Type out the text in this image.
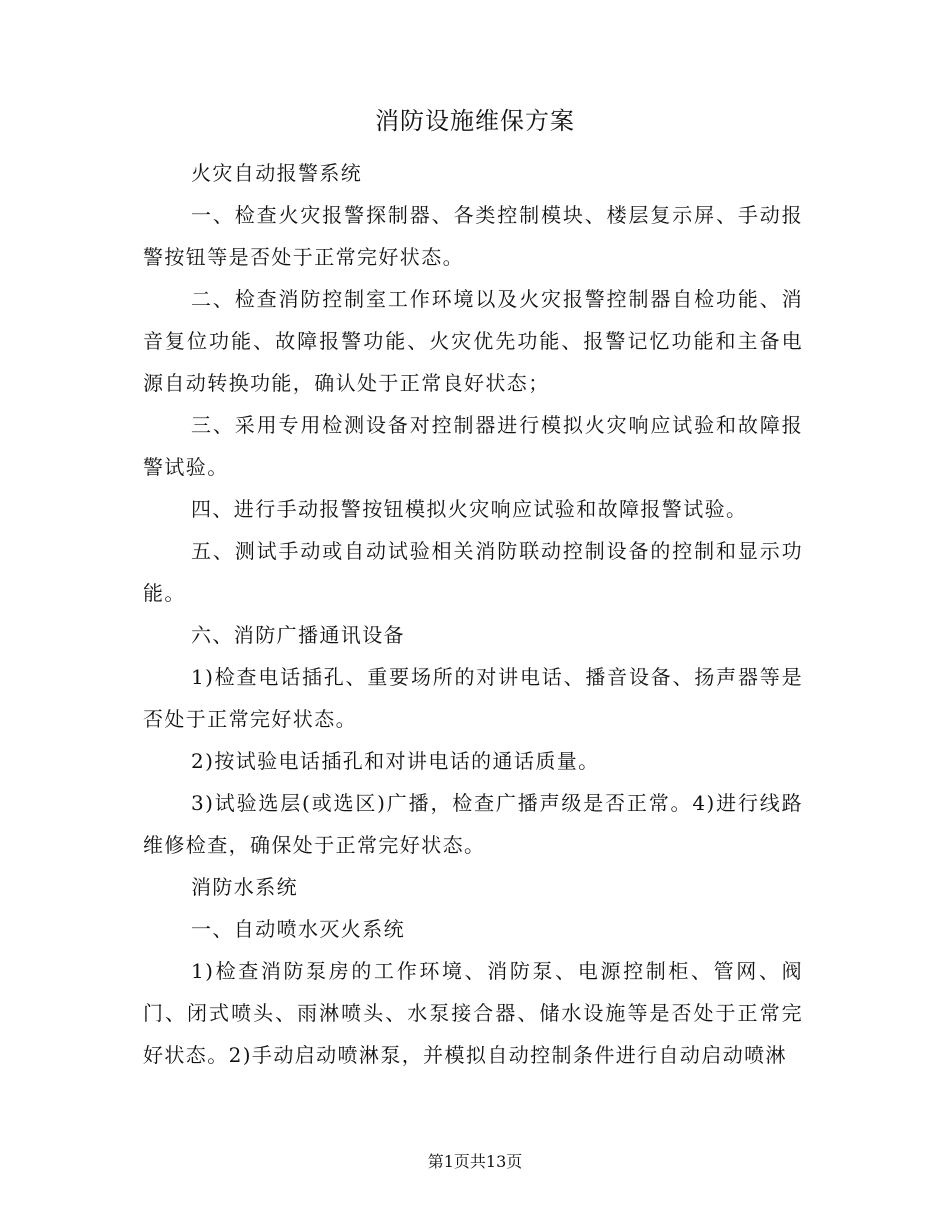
消防设施维保方案

火灾自动报警系统

一、检查火灾报警探制器、各类控制模块、楼层复示屏、手动报警按钮等是否处于正常完好状态。

二、检查消防控制室工作环境以及火灾报警控制器自检功能、消音复位功能、故障报警功能、火灾优先功能、报警记忆功能和主备电源自动转换功能，确认处于正常良好状态；

三、采用专用检测设备对控制器进行模拟火灾响应试验和故障报警试验。

四、进行手动报警按钮模拟火灾响应试验和故障报警试验。

五、测试手动或自动试验相关消防联动控制设备的控制和显示功能。

六、消防广播通讯设备

1)检查电话插孔、重要场所的对讲电话、播音设备、扬声器等是否处于正常完好状态。

2)按试验电话插孔和对讲电话的通话质量。

3)试验选层(或选区)广播，检查广播声级是否正常。4)进行线路维修检查，确保处于正常完好状态。

消防水系统

一、自动喷水灭火系统

1)检查消防泵房的工作环境、消防泵、电源控制柜、管网、阀门、闭式喷头、雨淋喷头、水泵接合器、储水设施等是否处于正常完好状态。2)手动启动喷淋泵，并模拟自动控制条件进行自动启动喷淋

第1页共13页
